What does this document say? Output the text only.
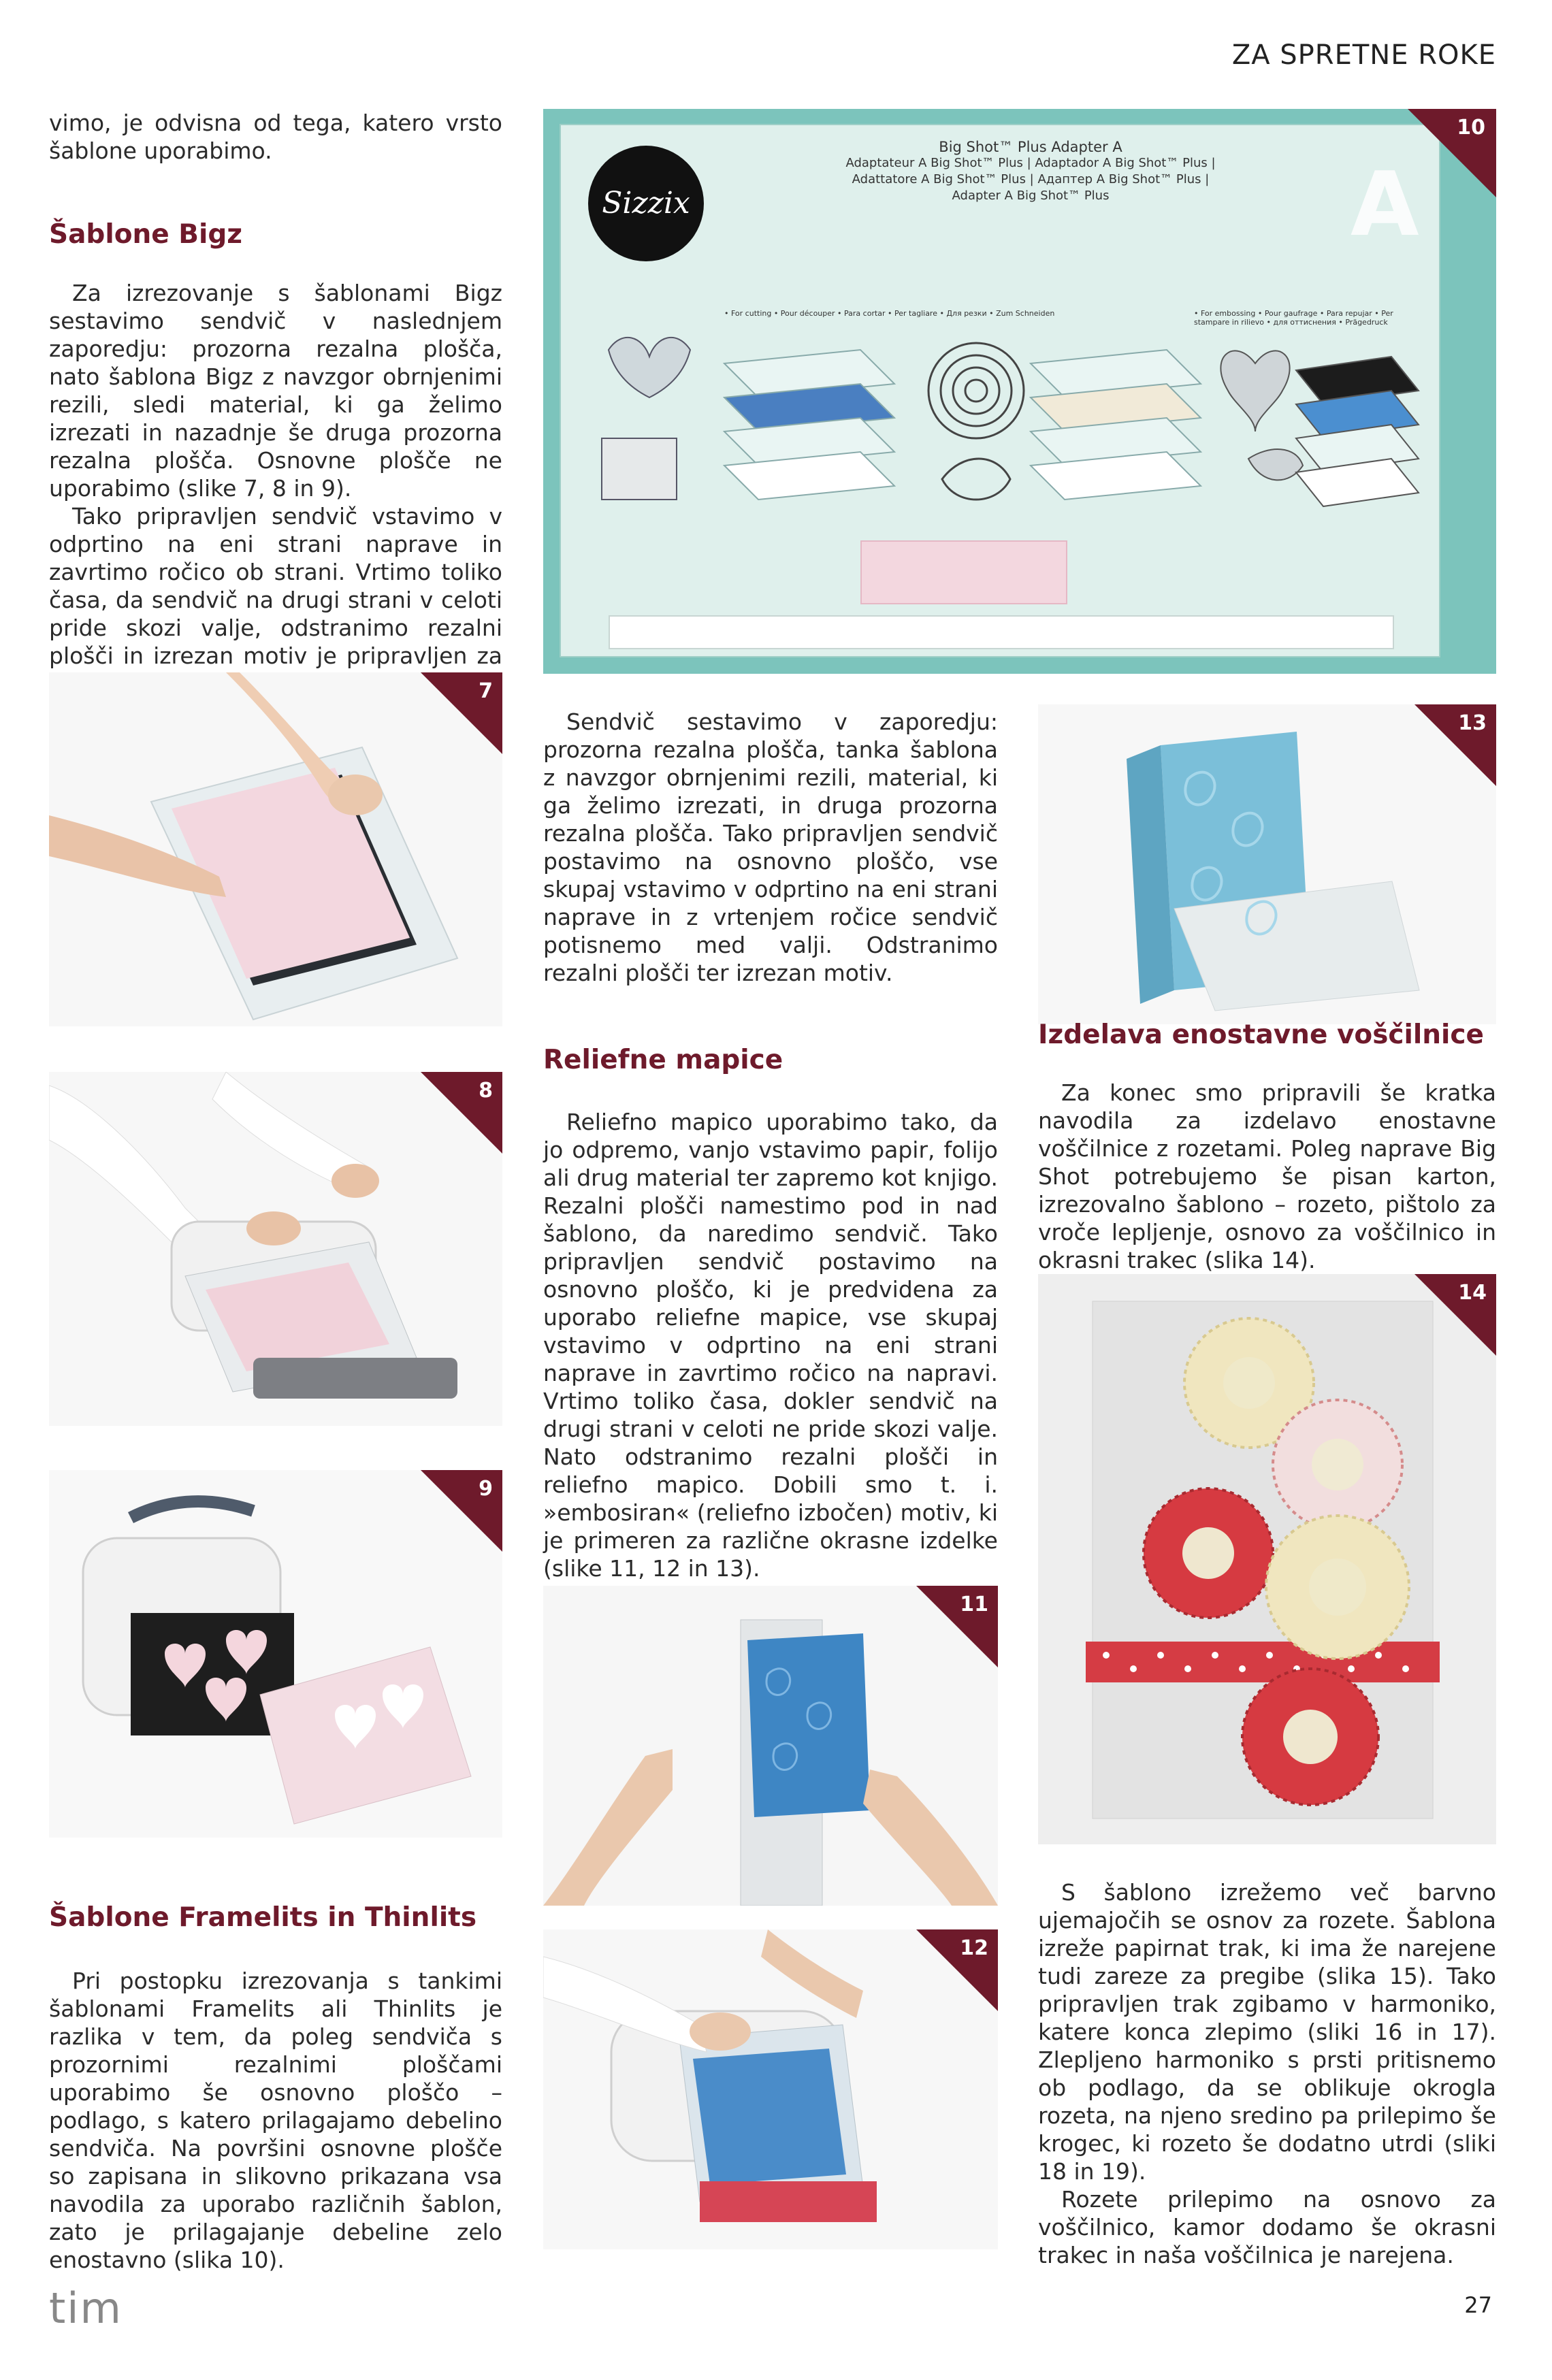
ZA SPRETNE ROKE

vimo, je odvisna od tega, katero vrsto šablone uporabimo.

Šablone Bigz

Za izrezovanje s šablonami Bigz sestavimo sendvič v naslednjem zaporedju: prozorna rezalna plošča, nato šablona Bigz z navzgor obrnjenimi rezili, sledi material, ki ga želimo izrezati in nazadnje še druga prozorna rezalna plošča. Osnovne plošče ne uporabimo (slike 7, 8 in 9).

Tako pripravljen sendvič vstavimo v odprtino na eni strani naprave in zavrtimo ročico ob strani. Vrtimo toliko časa, da sendvič na drugi strani v celoti pride skozi valje, odstranimo rezalni plošči in izrezan motiv je pripravljen za

7
8
9
Šablone Framelits in Thinlits

Pri postopku izrezovanja s tankimi šablonami Framelits ali Thinlits je razlika v tem, da poleg sendviča s prozornimi rezalnimi ploščami uporabimo še osnovno ploščo – podlago, s katero prilagajamo debelino sendviča. Na površini osnovne plošče so zapisana in slikovno prikazana vsa navodila za uporabo različnih šablon, zato je prilagajanje debeline zelo enostavno (slika 10).

Sizzix
Big Shot™ Plus Adapter A
Adaptateur A Big Shot™ Plus | Adaptador A Big Shot™ Plus |
Adattatore A Big Shot™ Plus | Адаптер A Big Shot™ Plus |
Adapter A Big Shot™ Plus	A
• For cutting • Pour découper • Para cortar • Per tagliare • Для резки • Zum Schneiden	• For embossing • Pour gaufrage • Para repujar • Per stampare in rilievo • для оттиснения • Prägedruck
10

Sendvič sestavimo v zaporedju: prozorna rezalna plošča, tanka šablona z navzgor obrnjenimi rezili, material, ki ga želimo izrezati, in druga prozorna rezalna plošča. Tako pripravljen sendvič postavimo na osnovno ploščo, vse skupaj vstavimo v odprtino na eni strani naprave in z vrtenjem ročice sendvič potisnemo med valji. Odstranimo rezalni plošči ter izrezan motiv.

Reliefne mapice

Reliefno mapico uporabimo tako, da jo odpremo, vanjo vstavimo papir, folijo ali drug material ter zapremo kot knjigo. Rezalni plošči namestimo pod in nad šablono, da naredimo sendvič. Tako pripravljen sendvič postavimo na osnovno ploščo, ki je predvidena za uporabo reliefne mapice, vse skupaj vstavimo v odprtino na eni strani naprave in zavrtimo ročico na napravi. Vrtimo toliko časa, dokler sendvič na drugi strani v celoti ne pride skozi valje. Nato odstranimo rezalni plošči in reliefno mapico. Dobili smo t. i. »embosiran« (reliefno izbočen) motiv, ki je primeren za različne okrasne izdelke (slike 11, 12 in 13).

11
12
13
Izdelava enostavne voščilnice

Za konec smo pripravili še kratka navodila za izdelavo enostavne voščilnice z rozetami. Poleg naprave Big Shot potrebujemo še pisan karton, izrezovalno šablono – rozeto, pištolo za vroče lepljenje, osnovo za voščilnico in okrasni trakec (slika 14).

14

S šablono izrežemo več barvno ujemajočih se osnov za rozete. Šablona izreže papirnat trak, ki ima že narejene tudi zareze za pregibe (slika 15). Tako pripravljen trak zgibamo v harmoniko, katere konca zlepimo (sliki 16 in 17). Zlepljeno harmoniko s prsti pritisnemo ob podlago, da se oblikuje okrogla rozeta, na njeno sredino pa prilepimo še krogec, ki rozeto še dodatno utrdi (sliki 18 in 19).

Rozete prilepimo na osnovo za voščilnico, kamor dodamo še okrasni trakec in naša voščilnica je narejena.

tim	27
